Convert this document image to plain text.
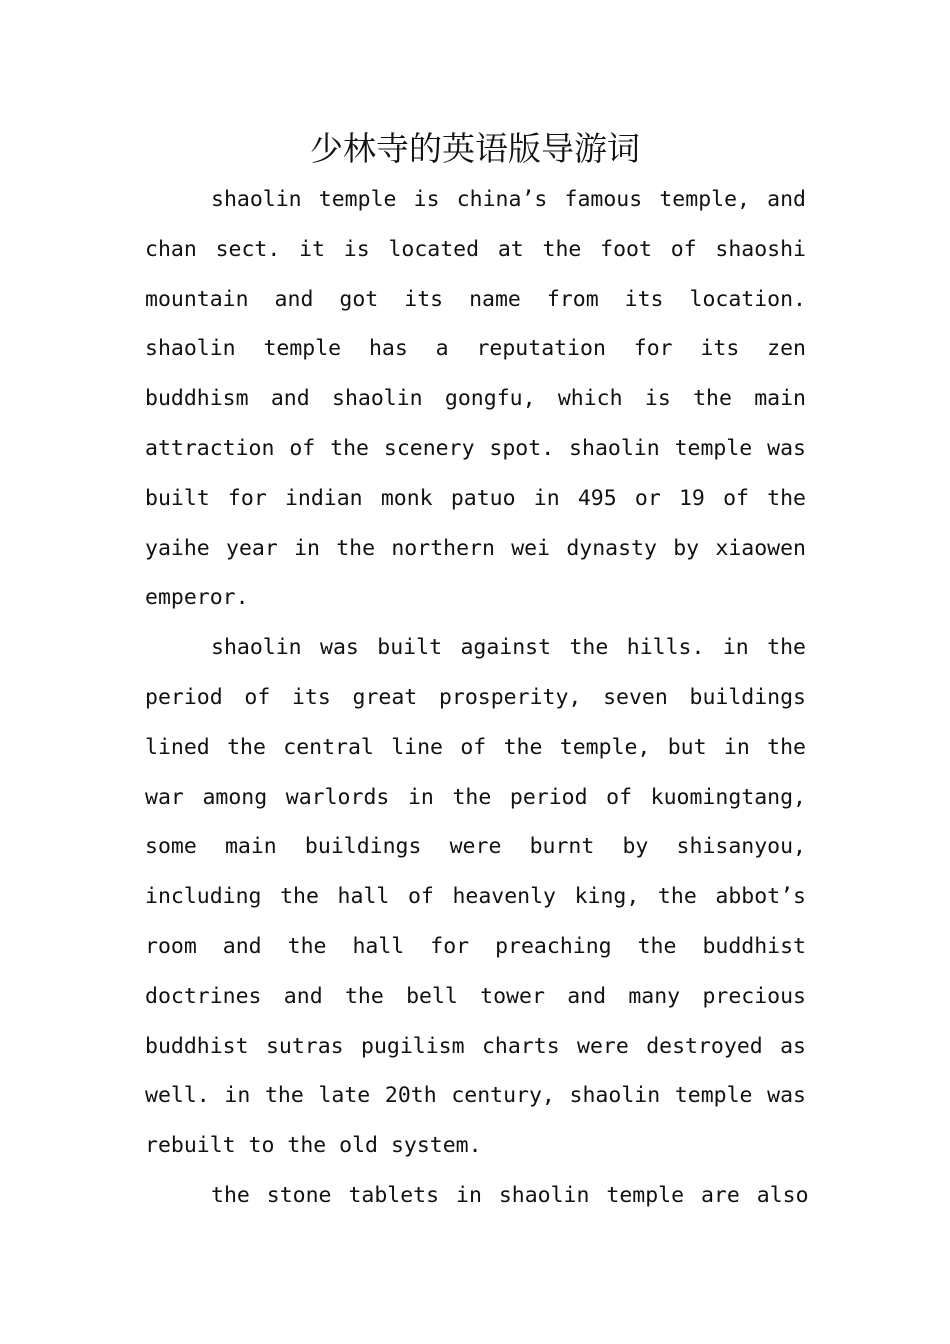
少林寺的英语版导游词

shaolin temple is china’s famous temple, and chan sect. it is located at the foot of shaoshi mountain and got its name from its location. shaolin temple has a reputation for its zen buddhism and shaolin gongfu, which is the main attraction of the scenery spot. shaolin temple was built for indian monk patuo in 495 or 19 of the yaihe year in the northern wei dynasty by xiaowen emperor.

shaolin was built against the hills. in the period of its great prosperity, seven buildings lined the central line of the temple, but in the war among warlords in the period of kuomingtang, some main buildings were burnt by shisanyou, including the hall of heavenly king, the abbot’s room and the hall for preaching the buddhist doctrines and the bell tower and many precious buddhist sutras pugilism charts were destroyed as well. in the late 20th century, shaolin temple was rebuilt to the old system.

the stone tablets in shaolin temple are also
